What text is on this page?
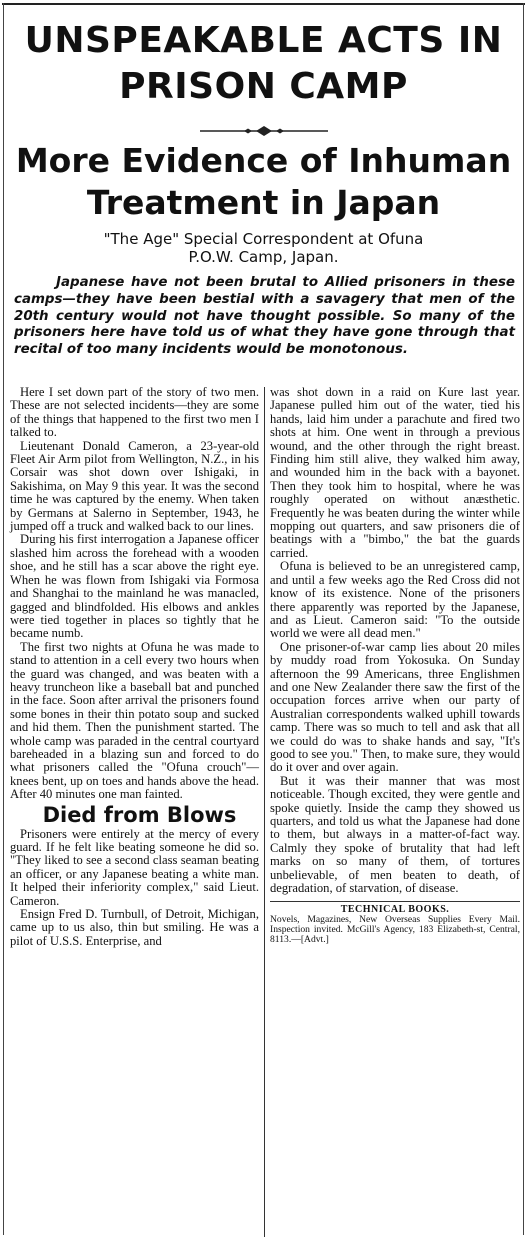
UNSPEAKABLE ACTS IN
PRISON CAMP
More Evidence of Inhuman
Treatment in Japan
"The Age" Special Correspondent at Ofuna
P.O.W. Camp, Japan.
Japanese have not been brutal to Allied prisoners in these camps—they have been bestial with a savagery that men of the 20th century would not have thought possible. So many of the prisoners here have told us of what they have gone through that recital of too many incidents would be monotonous.

Here I set down part of the story of two men. These are not selected incidents—they are some of the things that happened to the first two men I talked to.

Lieutenant Donald Cameron, a 23-year-old Fleet Air Arm pilot from Wellington, N.Z., in his Corsair was shot down over Ishigaki, in Sakishima, on May 9 this year. It was the second time he was captured by the enemy. When taken by Germans at Salerno in September, 1943, he jumped off a truck and walked back to our lines.

During his first interrogation a Japanese officer slashed him across the forehead with a wooden shoe, and he still has a scar above the right eye. When he was flown from Ishigaki via Formosa and Shanghai to the mainland he was manacled, gagged and blindfolded. His elbows and ankles were tied together in places so tightly that he became numb.

The first two nights at Ofuna he was made to stand to attention in a cell every two hours when the guard was changed, and was beaten with a heavy truncheon like a baseball bat and punched in the face. Soon after arrival the prisoners found some bones in their thin potato soup and sucked and hid them. Then the punishment started. The whole camp was paraded in the central courtyard bareheaded in a blazing sun and forced to do what prisoners called the "Ofuna crouch"—knees bent, up on toes and hands above the head. After 40 minutes one man fainted.

Died from Blows

Prisoners were entirely at the mercy of every guard. If he felt like beating someone he did so. "They liked to see a second class seaman beating an officer, or any Japanese beating a white man. It helped their inferiority complex," said Lieut. Cameron.

Ensign Fred D. Turnbull, of Detroit, Michigan, came up to us also, thin but smiling. He was a pilot of U.S.S. Enterprise, and

was shot down in a raid on Kure last year. Japanese pulled him out of the water, tied his hands, laid him under a parachute and fired two shots at him. One went in through a previous wound, and the other through the right breast. Finding him still alive, they walked him away, and wounded him in the back with a bayonet. Then they took him to hospital, where he was roughly operated on without anæsthetic. Frequently he was beaten during the winter while mopping out quarters, and saw prisoners die of beatings with a "bimbo," the bat the guards carried.

Ofuna is believed to be an unregistered camp, and until a few weeks ago the Red Cross did not know of its existence. None of the prisoners there apparently was reported by the Japanese, and as Lieut. Cameron said: "To the outside world we were all dead men."

One prisoner-of-war camp lies about 20 miles by muddy road from Yokosuka. On Sunday afternoon the 99 Americans, three Englishmen and one New Zealander there saw the first of the occupation forces arrive when our party of Australian correspondents walked uphill towards camp. There was so much to tell and ask that all we could do was to shake hands and say, "It's good to see you." Then, to make sure, they would do it over and over again.

But it was their manner that was most noticeable. Though excited, they were gentle and spoke quietly. Inside the camp they showed us quarters, and told us what the Japanese had done to them, but always in a matter-of-fact way. Calmly they spoke of brutality that had left marks on so many of them, of tortures unbelievable, of men beaten to death, of degradation, of starvation, of disease.

TECHNICAL BOOKS.
Novels, Magazines, New Overseas Supplies Every Mail. Inspection invited. McGill's Agency, 183 Elizabeth-st, Central, 8113.—[Advt.]
